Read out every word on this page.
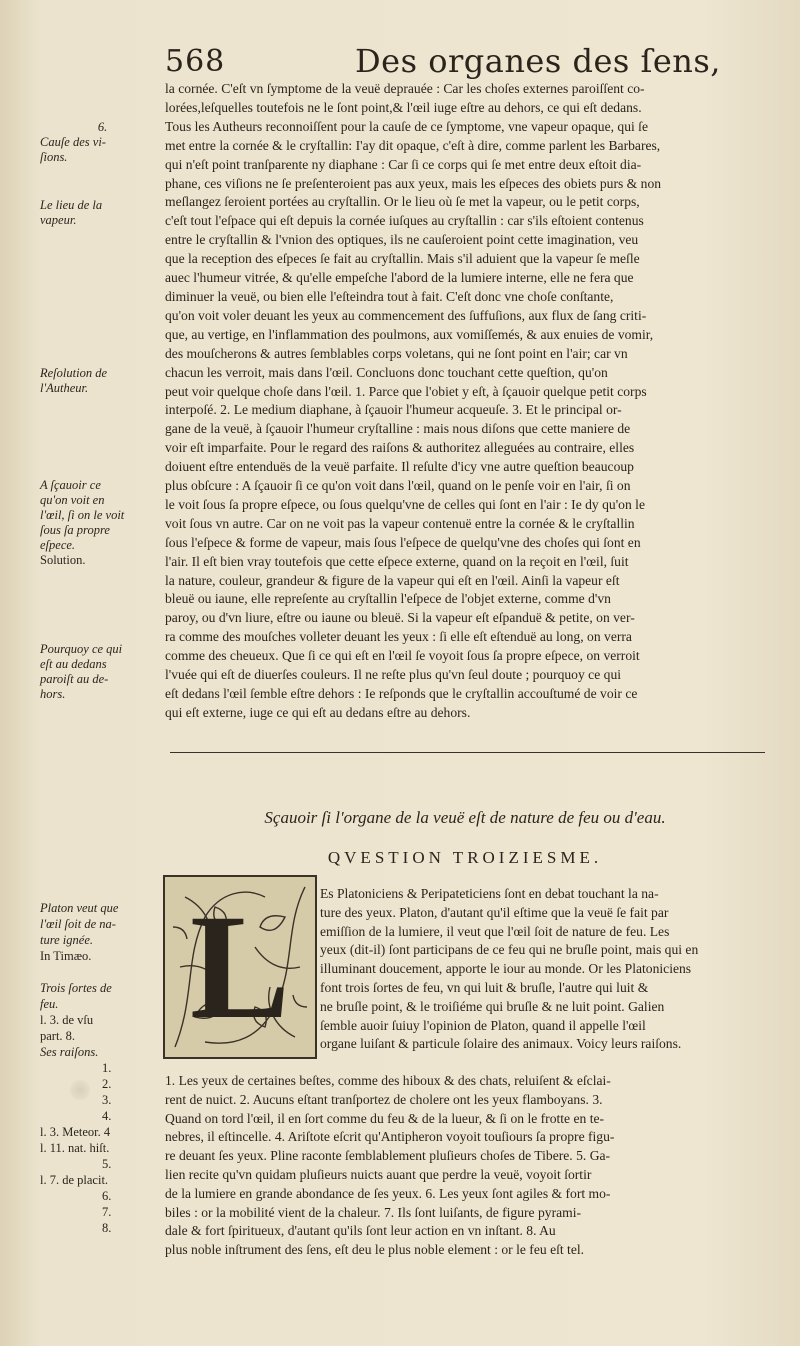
568	Des organes des ſens,
6.
Cauſe des vi-
ſions.
Le lieu de la
vapeur.
Reſolution de
l'Autheur.
A ſçauoir ce
qu'on voit en
l'œil, ſi on le voit
ſous ſa propre
eſpece.
Solution.
Pourquoy ce qui
eſt au dedans
paroiſt au de-
hors.
la cornée. C'eſt vn ſymptome de la veuë deprauée : Car les choſes externes paroiſſent co-
lorées,leſquelles toutefois ne le ſont point,& l'œil iuge eſtre au dehors, ce qui eſt dedans.
Tous les Autheurs reconnoiſſent pour la cauſe de ce ſymptome, vne vapeur opaque, qui ſe
met entre la cornée & le cryſtallin: I'ay dit opaque, c'eſt à dire, comme parlent les Barbares,
qui n'eſt point tranſparente ny diaphane : Car ſi ce corps qui ſe met entre deux eſtoit dia-
phane, ces viſions ne ſe preſenteroient pas aux yeux, mais les eſpeces des obiets purs & non
meſlangez ſeroient portées au cryſtallin. Or le lieu où ſe met la vapeur, ou le petit corps,
c'eſt tout l'eſpace qui eſt depuis la cornée iuſques au cryſtallin : car s'ils eſtoient contenus
entre le cryſtallin & l'vnion des optiques, ils ne cauſeroient point cette imagination, veu
que la reception des eſpeces ſe fait au cryſtallin. Mais s'il aduient que la vapeur ſe meſle
auec l'humeur vitrée, & qu'elle empeſche l'abord de la lumiere interne, elle ne fera que
diminuer la veuë, ou bien elle l'eſteindra tout à fait. C'eſt donc vne choſe conſtante,
qu'on voit voler deuant les yeux au commencement des ſuffuſions, aux flux de ſang criti-
que, au vertige, en l'inflammation des poulmons, aux vomiſſemés, & aux enuies de vomir,
des mouſcherons & autres ſemblables corps voletans, qui ne ſont point en l'air; car vn
chacun les verroit, mais dans l'œil. Concluons donc touchant cette queſtion, qu'on
peut voir quelque choſe dans l'œil. 1. Parce que l'obiet y eſt, à ſçauoir quelque petit corps
interpoſé. 2. Le medium diaphane, à ſçauoir l'humeur acqueuſe. 3. Et le principal or-
gane de la veuë, à ſçauoir l'humeur cryſtalline : mais nous diſons que cette maniere de
voir eſt imparfaite. Pour le regard des raiſons & authoritez alleguées au contraire, elles
doiuent eſtre entenduës de la veuë parfaite. Il reſulte d'icy vne autre queſtion beaucoup
plus obſcure : A ſçauoir ſi ce qu'on voit dans l'œil, quand on le penſe voir en l'air, ſi on
le voit ſous ſa propre eſpece, ou ſous quelqu'vne de celles qui ſont en l'air : Ie dy qu'on le
voit ſous vn autre. Car on ne voit pas la vapeur contenuë entre la cornée & le cryſtallin
ſous l'eſpece & forme de vapeur, mais ſous l'eſpece de quelqu'vne des choſes qui ſont en
l'air. Il eſt bien vray toutefois que cette eſpece externe, quand on la reçoit en l'œil, ſuit
la nature, couleur, grandeur & figure de la vapeur qui eſt en l'œil. Ainſi la vapeur eſt
bleuë ou iaune, elle repreſente au cryſtallin l'eſpece de l'objet externe, comme d'vn
paroy, ou d'vn liure, eſtre ou iaune ou bleuë. Si la vapeur eſt eſpanduë & petite, on ver-
ra comme des mouſches volleter deuant les yeux : ſi elle eſt eſtenduë au long, on verra
comme des cheueux. Que ſi ce qui eſt en l'œil ſe voyoit ſous ſa propre eſpece, on verroit
l'vuée qui eſt de diuerſes couleurs. Il ne reſte plus qu'vn ſeul doute ; pourquoy ce qui
eſt dedans l'œil ſemble eſtre dehors : Ie reſponds que le cryſtallin accouſtumé de voir ce
qui eſt externe, iuge ce qui eſt au dedans eſtre au dehors.
Sçauoir ſi l'organe de la veuë eſt de nature de feu ou d'eau.
QVESTION TROIZIESME.
L	Es Platoniciens & Peripateticiens ſont en debat touchant la na-
ture des yeux. Platon, d'autant qu'il eſtime que la veuë ſe fait par
emiſſion de la lumiere, il veut que l'œil ſoit de nature de feu. Les
yeux (dit-il) ſont participans de ce feu qui ne bruſle point, mais qui en
illuminant doucement, apporte le iour au monde. Or les Platoniciens
font trois ſortes de feu, vn qui luit & bruſle, l'autre qui luit &
ne bruſle point, & le troiſiéme qui bruſle & ne luit point. Galien
ſemble auoir ſuiuy l'opinion de Platon, quand il appelle l'œil
organe luiſant & particule ſolaire des animaux. Voicy leurs raiſons.
1. Les yeux de certaines beſtes, comme des hiboux & des chats, reluiſent & eſclai-
rent de nuict. 2. Aucuns eſtant tranſportez de cholere ont les yeux flamboyans. 3.
Quand on tord l'œil, il en ſort comme du feu & de la lueur, & ſi on le frotte en te-
nebres, il eſtincelle. 4. Ariſtote eſcrit qu'Antipheron voyoit touſiours ſa propre figu-
re deuant ſes yeux. Pline raconte ſemblablement pluſieurs choſes de Tibere. 5. Ga-
lien recite qu'vn quidam pluſieurs nuicts auant que perdre la veuë, voyoit ſortir
de la lumiere en grande abondance de ſes yeux. 6. Les yeux ſont agiles & fort mo-
biles : or la mobilité vient de la chaleur. 7. Ils ſont luiſants, de figure pyrami-
dale & fort ſpiritueux, d'autant qu'ils ſont leur action en vn inſtant. 8. Au
plus noble inſtrument des ſens, eſt deu le plus noble element : or le feu eſt tel.
Platon veut que
l'œil ſoit de na-
ture ignée.
In Timæo.

Trois ſortes de
feu.
l. 3. de vſu
part. 8.
Ses raiſons.
1.
2.
3.
4.
l. 3. Meteor. 4
l. 11. nat. hiſt.
5.
l. 7. de placit.
6.
7.
8.
